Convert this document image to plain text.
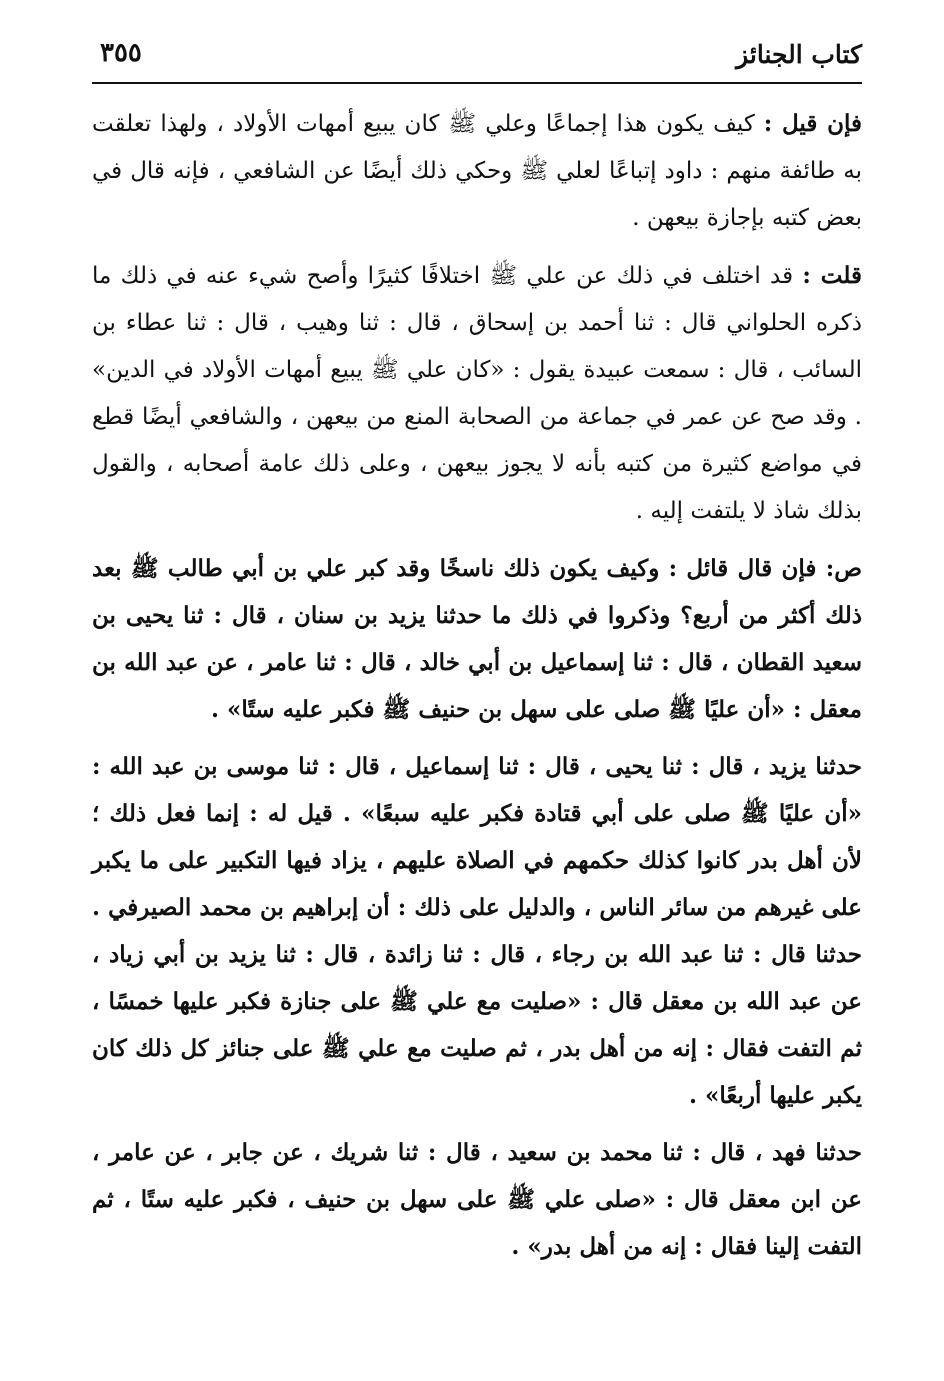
كتاب الجنائز
٣٥٥

فإن قيل : كيف يكون هذا إجماعًا وعلي ﷺ كان يبيع أمهات الأولاد ، ولهذا تعلقت به طائفة منهم : داود إتباعًا لعلي ﷺ وحكي ذلك أيضًا عن الشافعي ، فإنه قال في بعض كتبه بإجازة بيعهن .

قلت : قد اختلف في ذلك عن علي ﷺ اختلافًا كثيرًا وأصح شيء عنه في ذلك ما ذكره الحلواني قال : ثنا أحمد بن إسحاق ، قال : ثنا وهيب ، قال : ثنا عطاء بن السائب ، قال : سمعت عبيدة يقول : «كان علي ﷺ يبيع أمهات الأولاد في الدين» . وقد صح عن عمر في جماعة من الصحابة المنع من بيعهن ، والشافعي أيضًا قطع في مواضع كثيرة من كتبه بأنه لا يجوز بيعهن ، وعلى ذلك عامة أصحابه ، والقول بذلك شاذ لا يلتفت إليه .

ص: فإن قال قائل : وكيف يكون ذلك ناسخًا وقد كبر علي بن أبي طالب ﷺ بعد ذلك أكثر من أربع؟ وذكروا في ذلك ما حدثنا يزيد بن سنان ، قال : ثنا يحيى بن سعيد القطان ، قال : ثنا إسماعيل بن أبي خالد ، قال : ثنا عامر ، عن عبد الله بن معقل : «أن عليًا ﷺ صلى على سهل بن حنيف ﷺ فكبر عليه ستًا» .

حدثنا يزيد ، قال : ثنا يحيى ، قال : ثنا إسماعيل ، قال : ثنا موسى بن عبد الله : «أن عليًا ﷺ صلى على أبي قتادة فكبر عليه سبعًا» . قيل له : إنما فعل ذلك ؛ لأن أهل بدر كانوا كذلك حكمهم في الصلاة عليهم ، يزاد فيها التكبير على ما يكبر على غيرهم من سائر الناس ، والدليل على ذلك : أن إبراهيم بن محمد الصيرفي . حدثنا قال : ثنا عبد الله بن رجاء ، قال : ثنا زائدة ، قال : ثنا يزيد بن أبي زياد ، عن عبد الله بن معقل قال : «صليت مع علي ﷺ على جنازة فكبر عليها خمسًا ، ثم التفت فقال : إنه من أهل بدر ، ثم صليت مع علي ﷺ على جنائز كل ذلك كان يكبر عليها أربعًا» .

حدثنا فهد ، قال : ثنا محمد بن سعيد ، قال : ثنا شريك ، عن جابر ، عن عامر ، عن ابن معقل قال : «صلى علي ﷺ على سهل بن حنيف ، فكبر عليه ستًا ، ثم التفت إلينا فقال : إنه من أهل بدر» .
